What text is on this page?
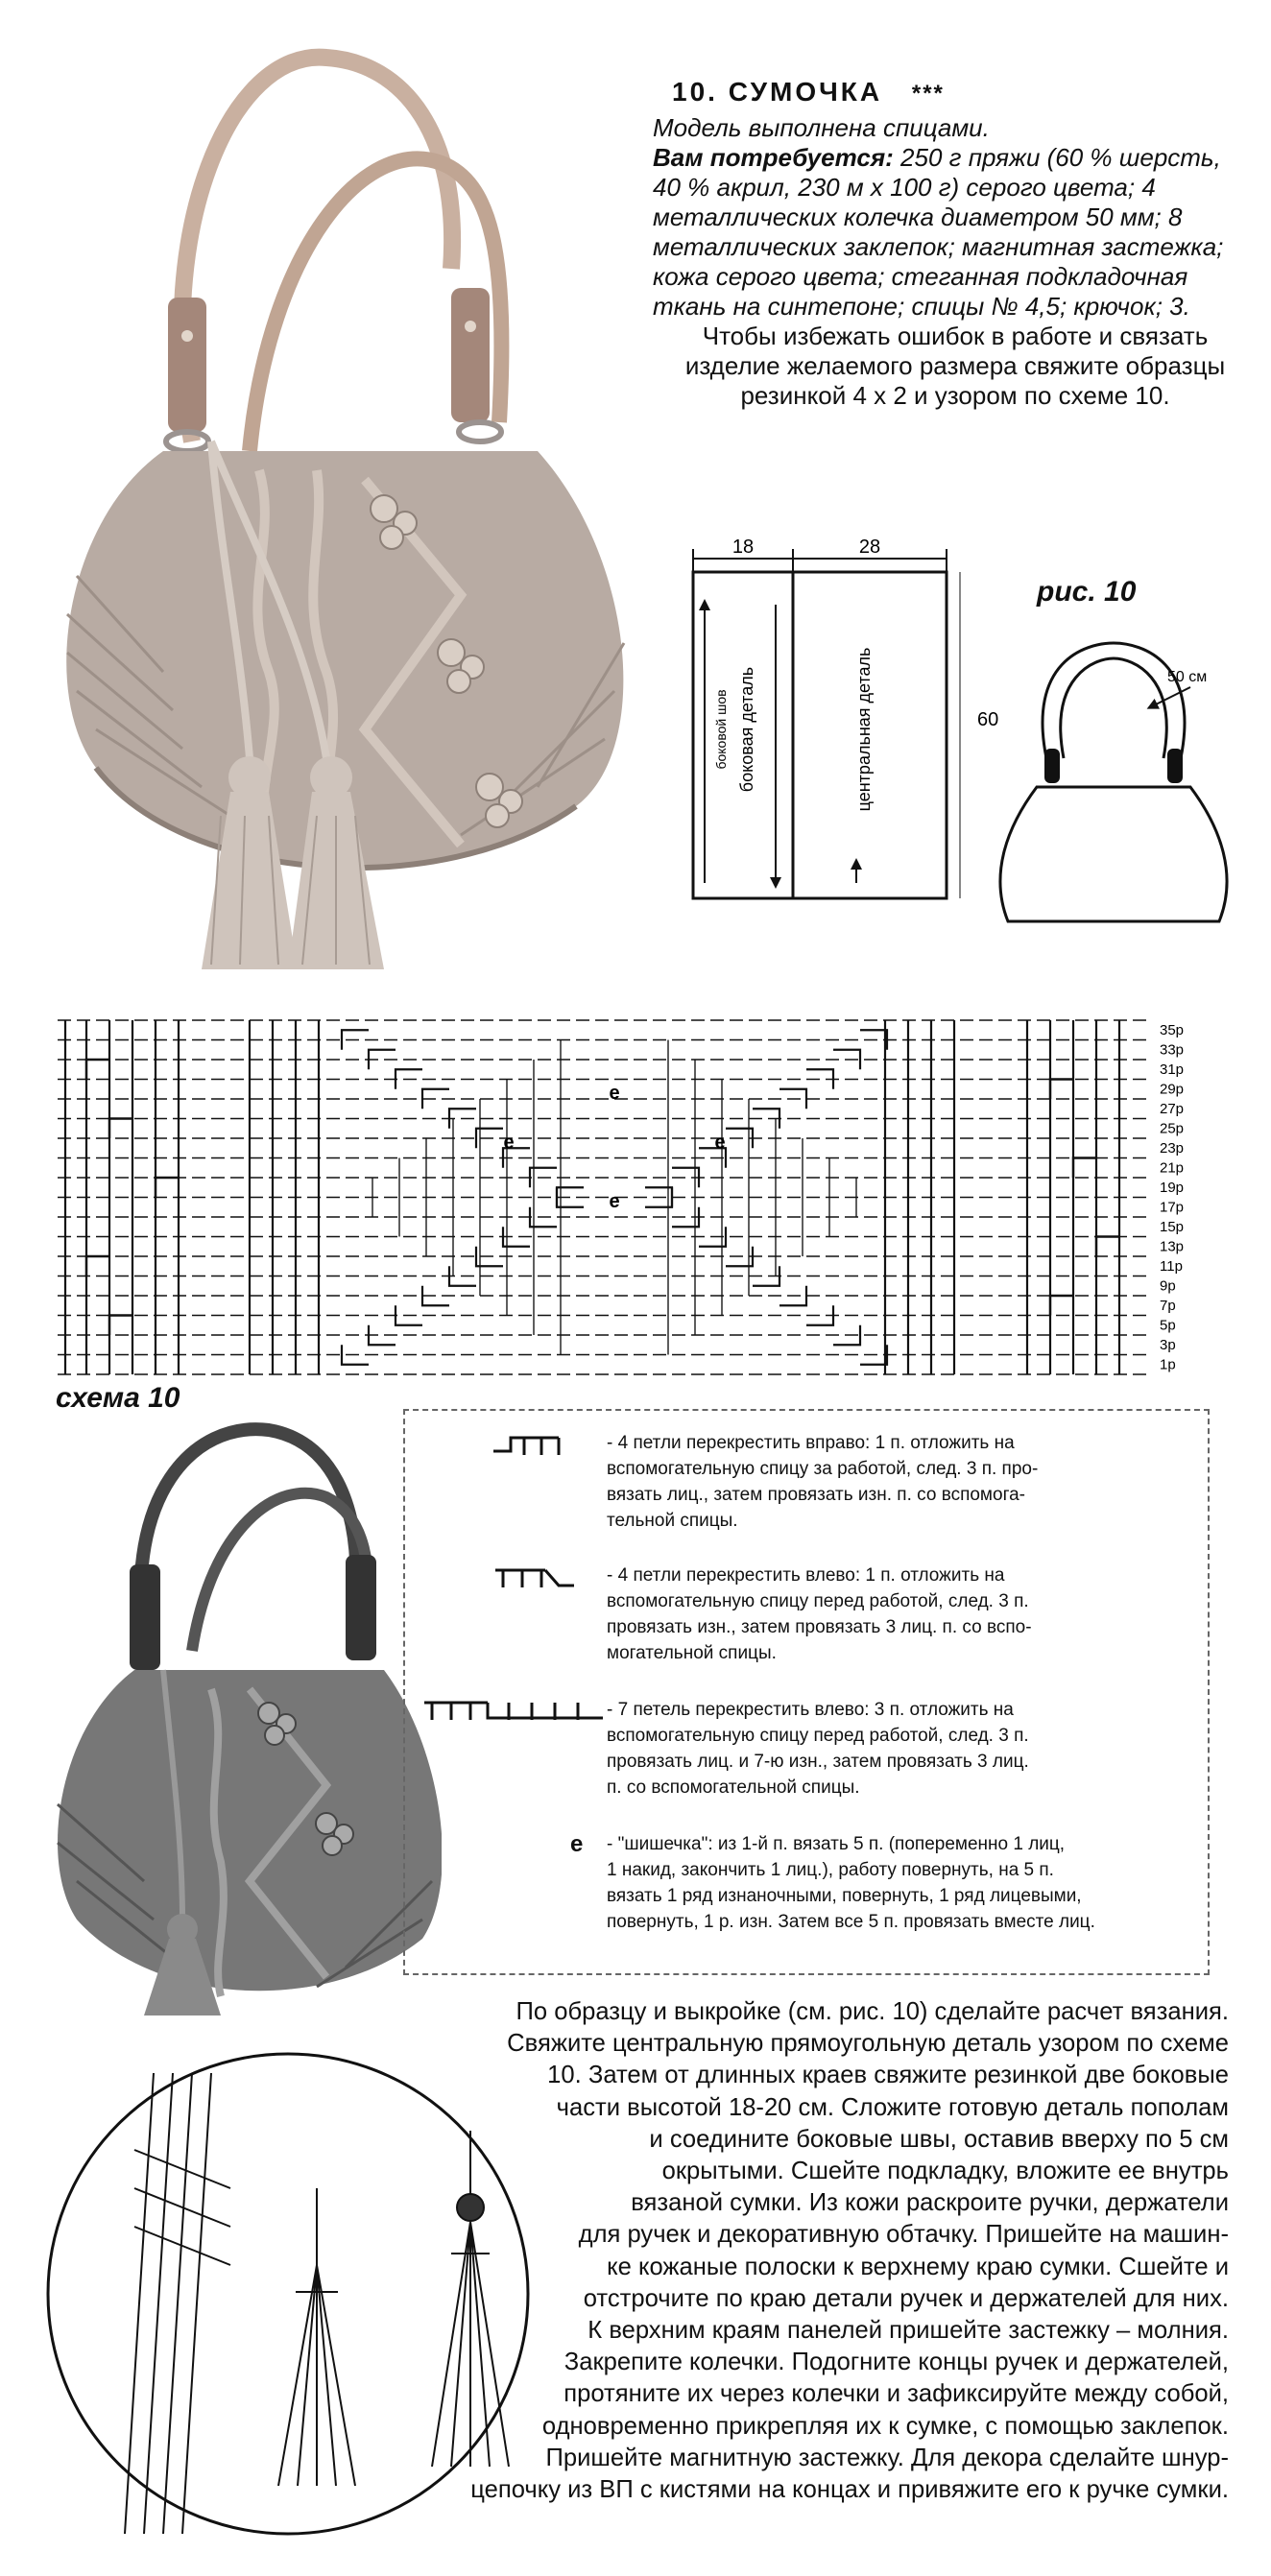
10. СУМОЧКА ***
Модель выполнена спицами.
Вам потребуется: 250 г пряжи (60 % шерсть,
40 % акрил, 230 м х 100 г) серого цвета; 4
металлических колечка диаметром 50 мм; 8
металлических заклепок; магнитная застежка;
кожа серого цвета; стеганная подкладочная
ткань на синтепоне; спицы № 4,5; крючок; 3.
Чтобы избежать ошибок в работе и связать
изделие желаемого размера свяжите образцы
резинкой 4 х 2 и узором по схеме 10.
18	28
60
боковой шов боковая деталь	центральная деталь
рис. 10
50 см
е
е	е
е
35р
33р
31р
29р
27р
25р
23р
21р
19р
17р
15р
13р
11р
9р
7р
5р
3р
1р
схема 10
- 4 петли перекрестить вправо: 1 п. отложить на
вспомогательную спицу за работой, след. 3 п. про-
вязать лиц., затем провязать изн. п. со вспомога-
тельной спицы.
- 4 петли перекрестить влево: 1 п. отложить на
вспомогательную спицу перед работой, след. 3 п.
провязать изн., затем провязать 3 лиц. п. со вспо-
могательной спицы.
- 7 петель перекрестить влево: 3 п. отложить на
вспомогательную спицу перед работой, след. 3 п.
провязать лиц. и 7-ю изн., затем провязать 3 лиц.
п. со вспомогательной спицы.
е - "шишечка": из 1-й п. вязать 5 п. (попеременно 1 лиц,
1 накид, закончить 1 лиц.), работу повернуть, на 5 п.
вязать 1 ряд изнаночными, повернуть, 1 ряд лицевыми,
повернуть, 1 р. изн. Затем все 5 п. провязать вместе лиц.
По образцу и выкройке (см. рис. 10) сделайте расчет вязания.
Свяжите центральную прямоугольную деталь узором по схеме
10. Затем от длинных краев свяжите резинкой две боковые
части высотой 18-20 см. Сложите готовую деталь пополам
и соедините боковые швы, оставив вверху по 5 см
окрытыми. Сшейте подкладку, вложите ее внутрь
вязаной сумки. Из кожи раскроите ручки, держатели
для ручек и декоративную обтачку. Пришейте на машин-
ке кожаные полоски к верхнему краю сумки. Сшейте и
отстрочите по краю детали ручек и держателей для них.
К верхним краям панелей пришейте застежку – молния.
Закрепите колечки. Подогните концы ручек и держателей,
протяните их через колечки и зафиксируйте между собой,
одновременно прикрепляя их к сумке, с помощью заклепок.
Пришейте магнитную застежку. Для декора сделайте шнур-
цепочку из ВП с кистями на концах и привяжите его к ручке сумки.
